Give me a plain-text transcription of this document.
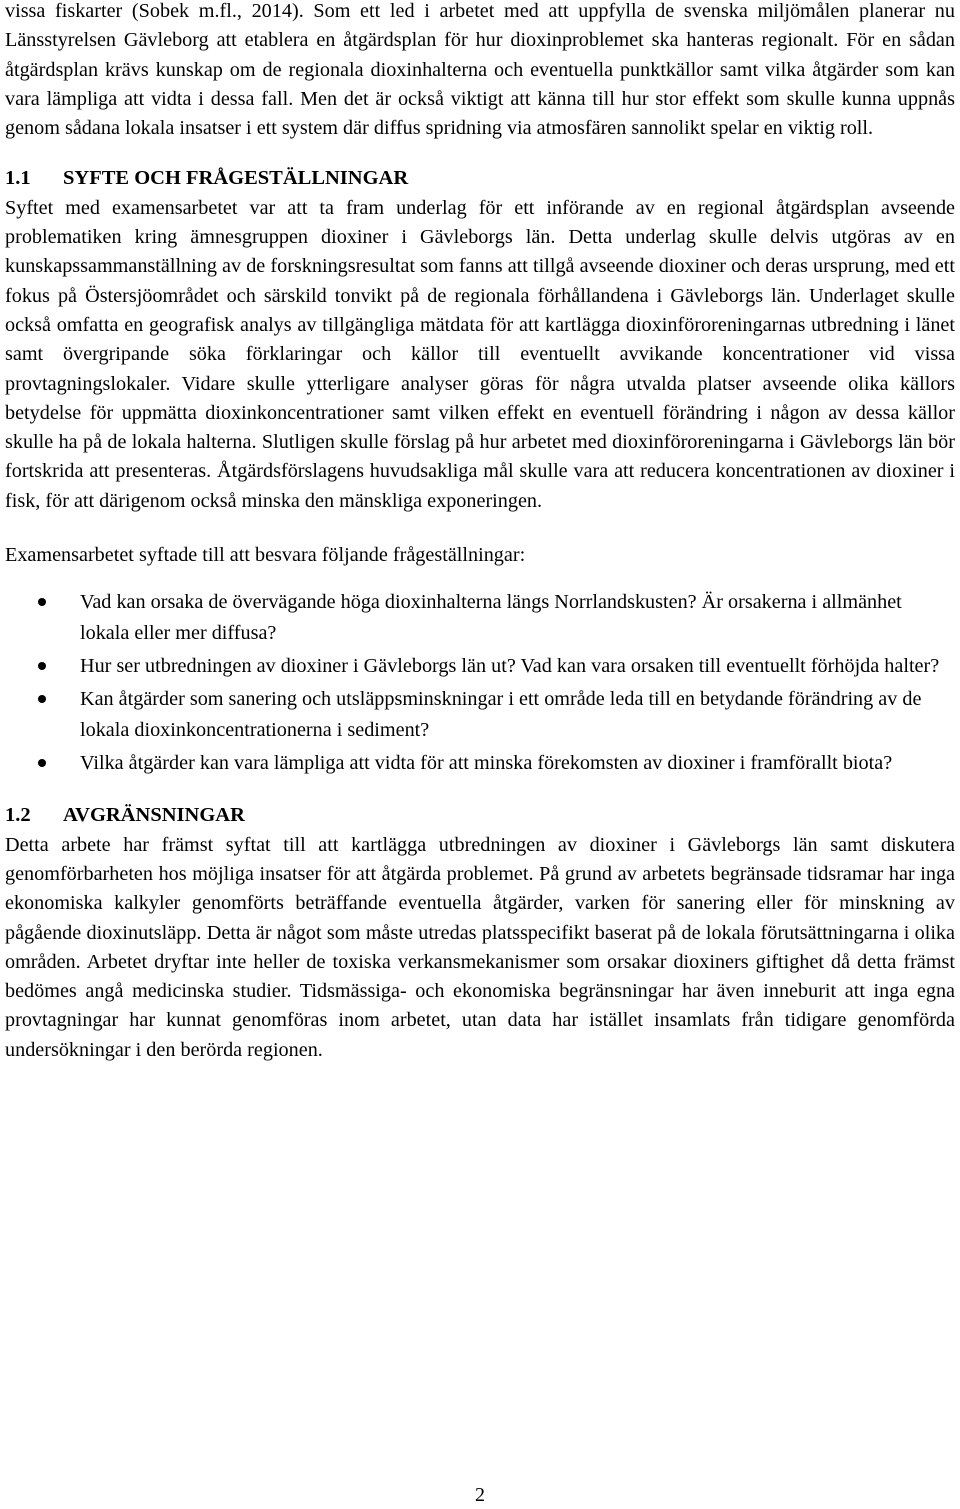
vissa fiskarter (Sobek m.fl., 2014). Som ett led i arbetet med att uppfylla de svenska miljömålen planerar nu Länsstyrelsen Gävleborg att etablera en åtgärdsplan för hur dioxinproblemet ska hanteras regionalt. För en sådan åtgärdsplan krävs kunskap om de regionala dioxinhalterna och eventuella punktkällor samt vilka åtgärder som kan vara lämpliga att vidta i dessa fall. Men det är också viktigt att känna till hur stor effekt som skulle kunna uppnås genom sådana lokala insatser i ett system där diffus spridning via atmosfären sannolikt spelar en viktig roll.

1.1 SYFTE OCH FRÅGESTÄLLNINGAR

Syftet med examensarbetet var att ta fram underlag för ett införande av en regional åtgärdsplan avseende problematiken kring ämnesgruppen dioxiner i Gävleborgs län. Detta underlag skulle delvis utgöras av en kunskapssammanställning av de forskningsresultat som fanns att tillgå avseende dioxiner och deras ursprung, med ett fokus på Östersjöområdet och särskild tonvikt på de regionala förhållandena i Gävleborgs län. Underlaget skulle också omfatta en geografisk analys av tillgängliga mätdata för att kartlägga dioxinföroreningarnas utbredning i länet samt övergripande söka förklaringar och källor till eventuellt avvikande koncentrationer vid vissa provtagningslokaler. Vidare skulle ytterligare analyser göras för några utvalda platser avseende olika källors betydelse för uppmätta dioxinkoncentrationer samt vilken effekt en eventuell förändring i någon av dessa källor skulle ha på de lokala halterna. Slutligen skulle förslag på hur arbetet med dioxinföroreningarna i Gävleborgs län bör fortskrida att presenteras. Åtgärdsförslagens huvudsakliga mål skulle vara att reducera koncentrationen av dioxiner i fisk, för att därigenom också minska den mänskliga exponeringen.

Examensarbetet syftade till att besvara följande frågeställningar:

Vad kan orsaka de övervägande höga dioxinhalterna längs Norrlandskusten? Är orsakerna i allmänhet lokala eller mer diffusa?
Hur ser utbredningen av dioxiner i Gävleborgs län ut? Vad kan vara orsaken till eventuellt förhöjda halter?
Kan åtgärder som sanering och utsläppsminskningar i ett område leda till en betydande förändring av de lokala dioxinkoncentrationerna i sediment?
Vilka åtgärder kan vara lämpliga att vidta för att minska förekomsten av dioxiner i framförallt biota?
1.2 AVGRÄNSNINGAR

Detta arbete har främst syftat till att kartlägga utbredningen av dioxiner i Gävleborgs län samt diskutera genomförbarheten hos möjliga insatser för att åtgärda problemet. På grund av arbetets begränsade tidsramar har inga ekonomiska kalkyler genomförts beträffande eventuella åtgärder, varken för sanering eller för minskning av pågående dioxinutsläpp. Detta är något som måste utredas platsspecifikt baserat på de lokala förutsättningarna i olika områden. Arbetet dryftar inte heller de toxiska verkansmekanismer som orsakar dioxiners giftighet då detta främst bedömes angå medicinska studier. Tidsmässiga- och ekonomiska begränsningar har även inneburit att inga egna provtagningar har kunnat genomföras inom arbetet, utan data har istället insamlats från tidigare genomförda undersökningar i den berörda regionen.

2
